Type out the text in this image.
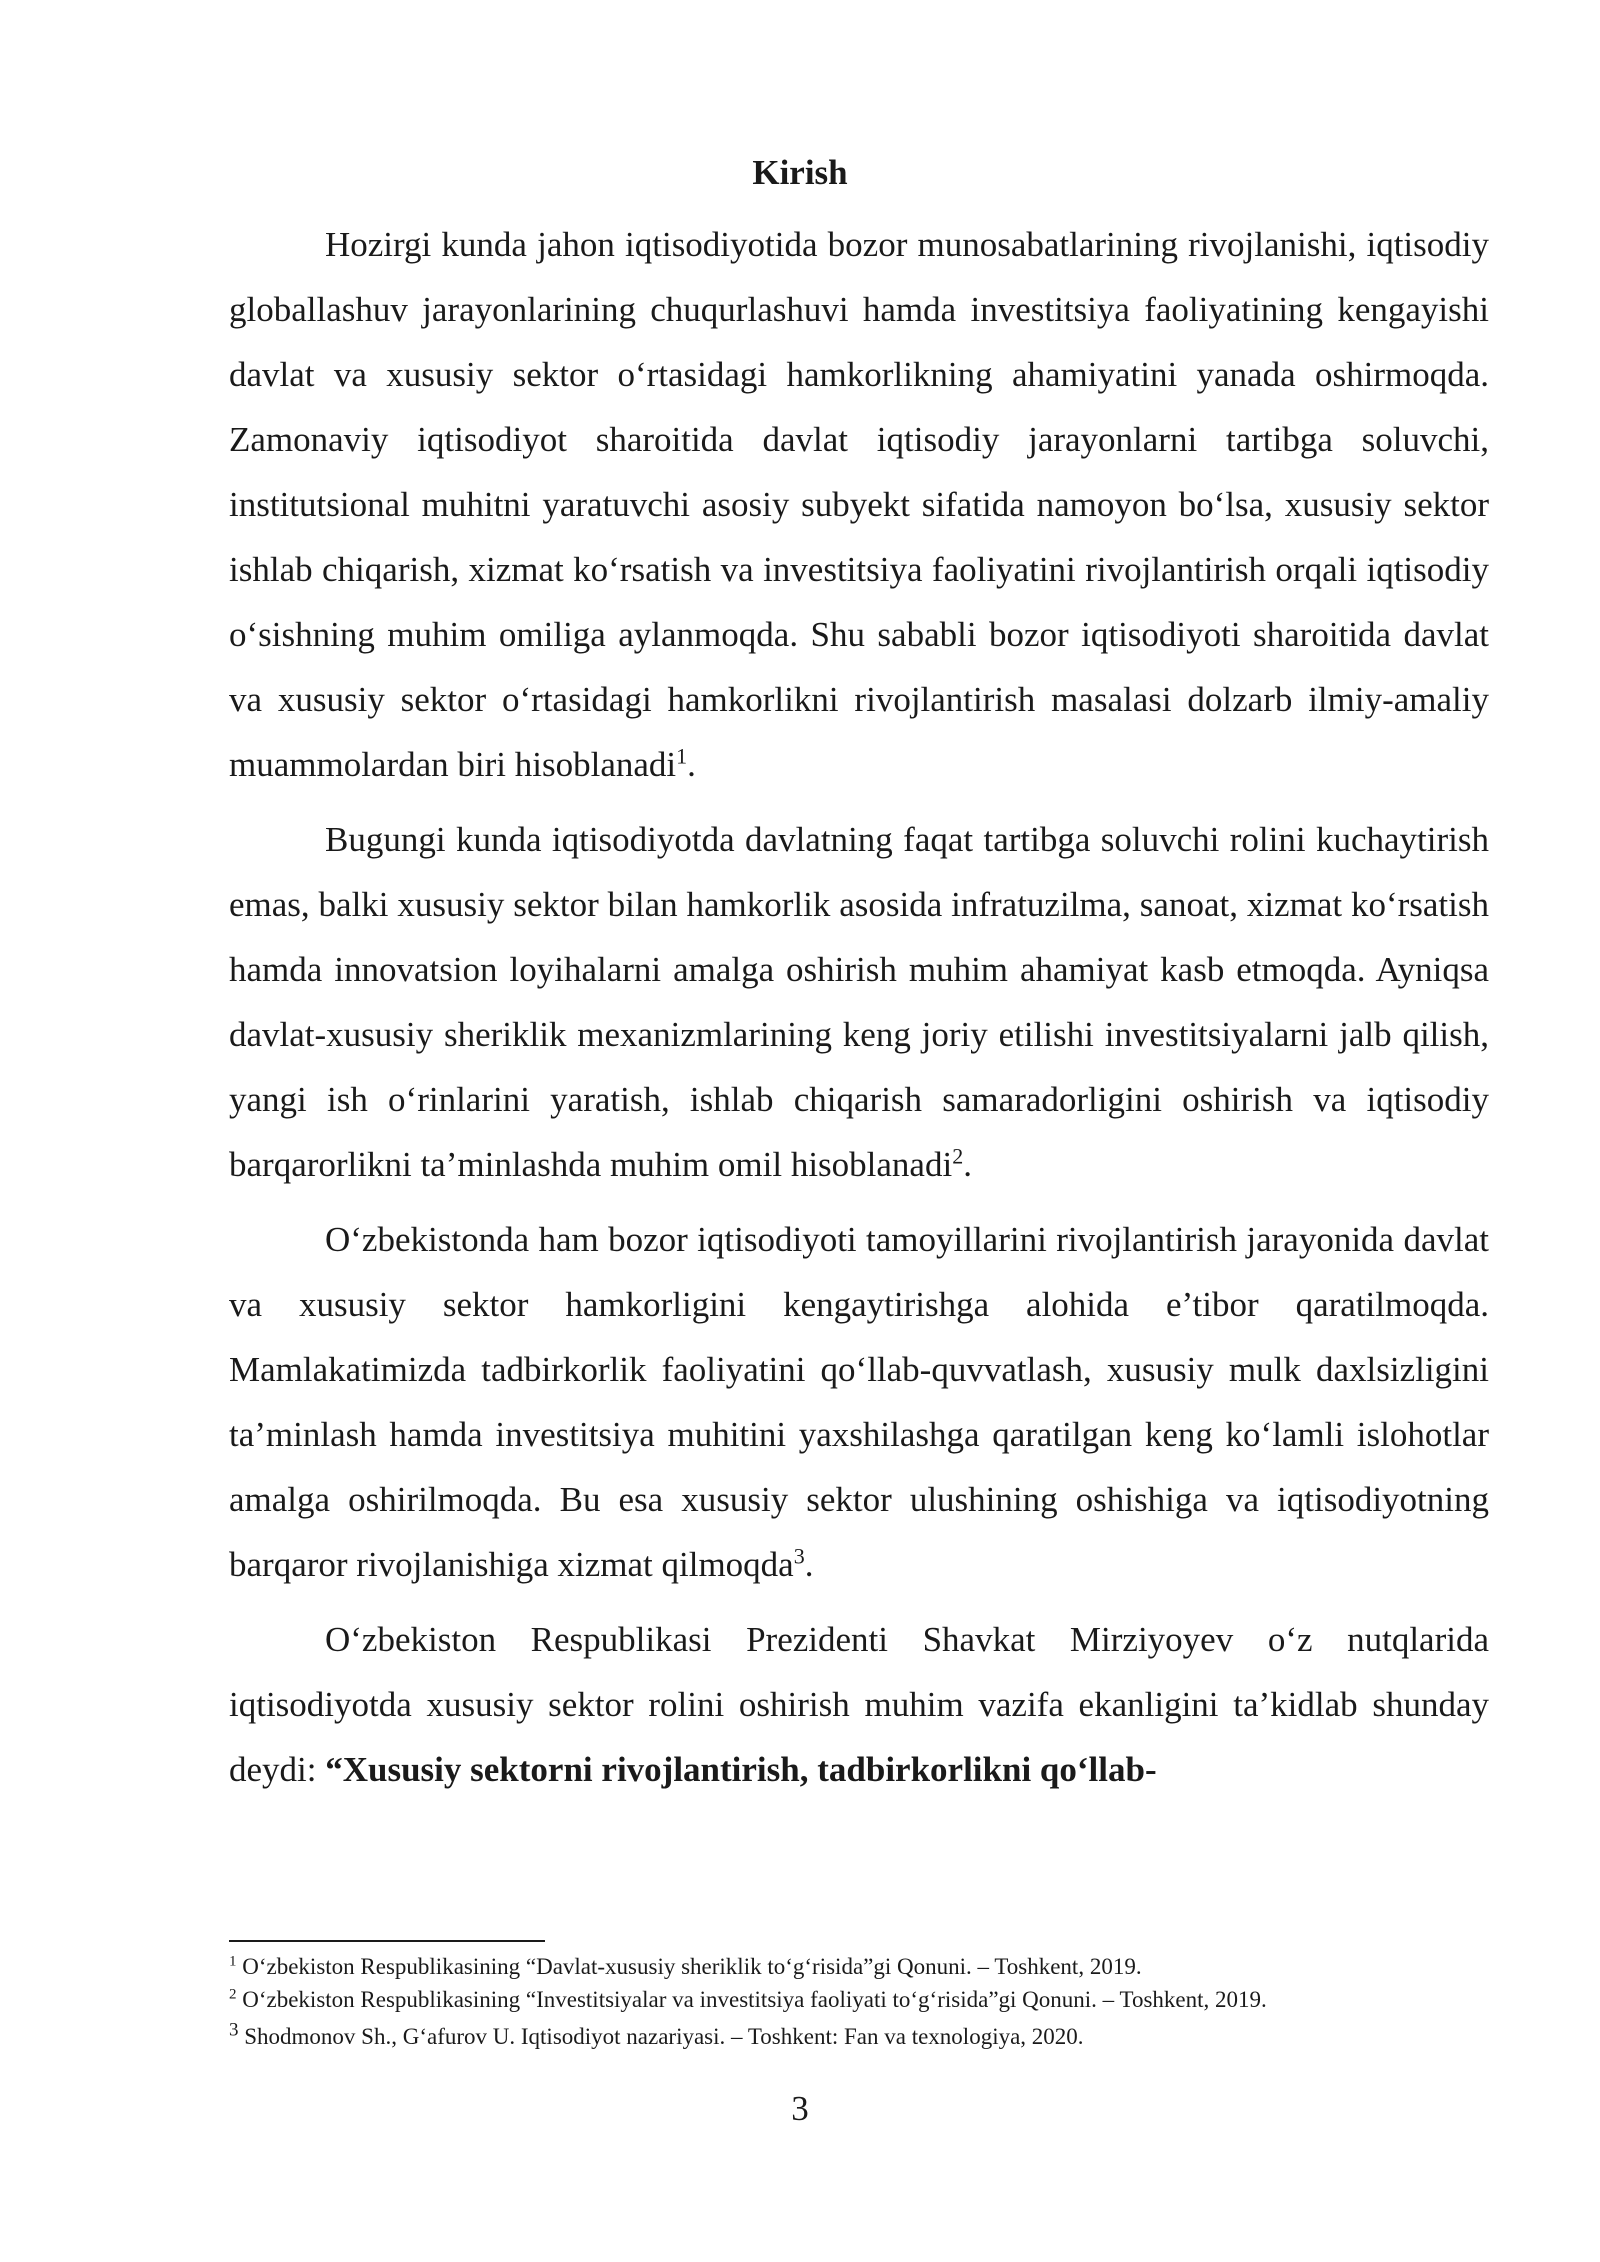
Kirish

Hozirgi kunda jahon iqtisodiyotida bozor munosabatlarining rivojlanishi, iqtisodiy globallashuv jarayonlarining chuqurlashuvi hamda investitsiya faoliyatining kengayishi davlat va xususiy sektor oʻrtasidagi hamkorlikning ahamiyatini yanada oshirmoqda. Zamonaviy iqtisodiyot sharoitida davlat iqtisodiy jarayonlarni tartibga soluvchi, institutsional muhitni yaratuvchi asosiy subyekt sifatida namoyon boʻlsa, xususiy sektor ishlab chiqarish, xizmat koʻrsatish va investitsiya faoliyatini rivojlantirish orqali iqtisodiy oʻsishning muhim omiliga aylanmoqda. Shu sababli bozor iqtisodiyoti sharoitida davlat va xususiy sektor oʻrtasidagi hamkorlikni rivojlantirish masalasi dolzarb ilmiy-amaliy muammolardan biri hisoblanadi$^1$.

Bugungi kunda iqtisodiyotda davlatning faqat tartibga soluvchi rolini kuchaytirish emas, balki xususiy sektor bilan hamkorlik asosida infratuzilma, sanoat, xizmat koʻrsatish hamda innovatsion loyihalarni amalga oshirish muhim ahamiyat kasb etmoqda. Ayniqsa davlat-xususiy sheriklik mexanizmlarining keng joriy etilishi investitsiyalarni jalb qilish, yangi ish oʻrinlarini yaratish, ishlab chiqarish samaradorligini oshirish va iqtisodiy barqarorlikni ta’minlashda muhim omil hisoblanadi$^2$.

Oʻzbekistonda ham bozor iqtisodiyoti tamoyillarini rivojlantirish jarayonida davlat va xususiy sektor hamkorligini kengaytirishga alohida e’tibor qaratilmoqda. Mamlakatimizda tadbirkorlik faoliyatini qoʻllab-quvvatlash, xususiy mulk daxlsizligini ta’minlash hamda investitsiya muhitini yaxshilashga qaratilgan keng koʻlamli islohotlar amalga oshirilmoqda. Bu esa xususiy sektor ulushining oshishiga va iqtisodiyotning barqaror rivojlanishiga xizmat qilmoqda$^3$.

Oʻzbekiston Respublikasi Prezidenti Shavkat Mirziyoyev oʻz nutqlarida iqtisodiyotda xususiy sektor rolini oshirish muhim vazifa ekanligini ta’kidlab shunday deydi: “Xususiy sektorni rivojlantirish, tadbirkorlikni qoʻllab-

$^1$ Oʻzbekiston Respublikasining “Davlat-xususiy sheriklik toʻgʻrisida”gi Qonuni. – Toshkent, 2019.

$^2$ Oʻzbekiston Respublikasining “Investitsiyalar va investitsiya faoliyati toʻgʻrisida”gi Qonuni. – Toshkent, 2019.

$^3$ Shodmonov Sh., Gʻafurov U. Iqtisodiyot nazariyasi. – Toshkent: Fan va texnologiya, 2020.

3
